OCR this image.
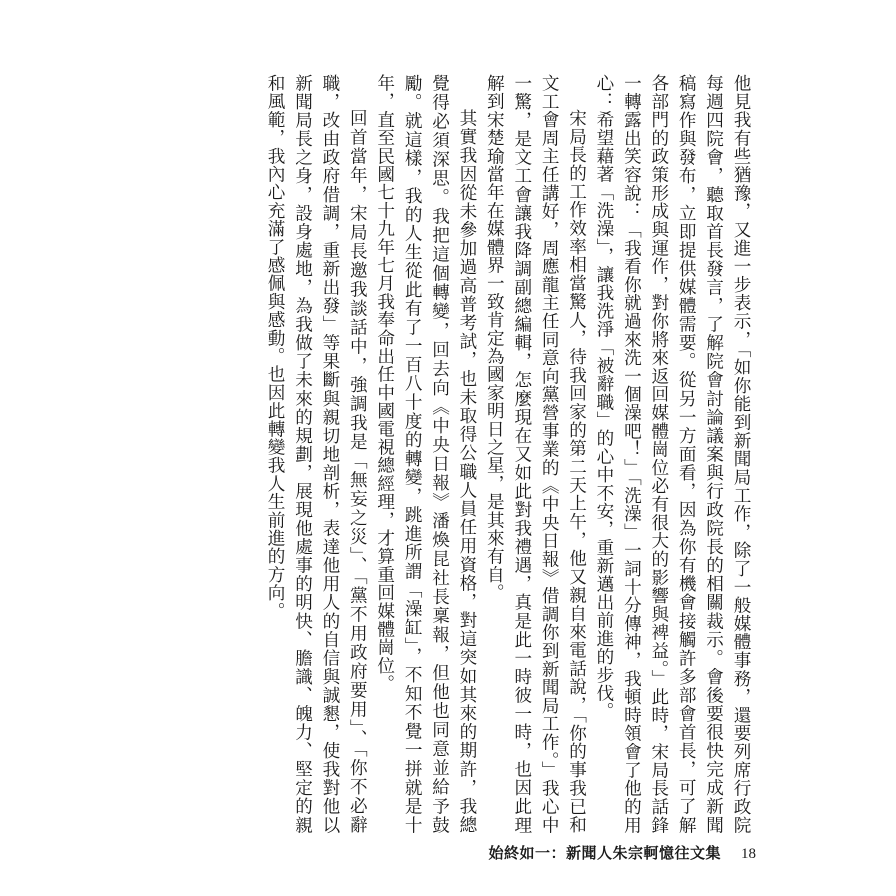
他見我有些猶豫，又進一步表示，「如你能到新聞局工作，除了一般媒體事務，還要列席行政院每週四院會，聽取首長發言，了解院會討論議案與行政院長的相關裁示。會後要很快完成新聞稿寫作與發布，立即提供媒體需要。從另一方面看，因為你有機會接觸許多部會首長，可了解各部門的政策形成與運作，對你將來返回媒體崗位必有很大的影響與裨益。」此時，宋局長話鋒一轉露出笑容說：「我看你就過來洗一個澡吧！」「洗澡」一詞十分傳神，我頓時領會了他的用心：希望藉著「洗澡」，讓我洗淨「被辭職」的心中不安，重新邁出前進的步伐。

宋局長的工作效率相當驚人，待我回家的第二天上午，他又親自來電話說，「你的事我已和文工會周主任講好，周應龍主任同意向黨營事業的《中央日報》借調你到新聞局工作。」我心中一驚，是文工會讓我降調副總編輯，怎麼現在又如此對我禮遇，真是此一時彼一時，也因此理解到宋楚瑜當年在媒體界一致肯定為國家明日之星，是其來有自。

其實我因從未參加過高普考試，也未取得公職人員任用資格，對這突如其來的期許，我總覺得必須深思。我把這個轉變，回去向《中央日報》潘煥昆社長稟報，但他也同意並給予鼓勵。就這樣，我的人生從此有了一百八十度的轉變，跳進所謂「澡缸」，不知不覺一拼就是十年，直至民國七十九年七月我奉命出任中國電視總經理，才算重回媒體崗位。

回首當年，宋局長邀我談話中，強調我是「無妄之災」、「黨不用政府要用」、「你不必辭職，改由政府借調，重新出發」等果斷與親切地剖析，表達他用人的自信與誠懇，使我對他以新聞局長之身，設身處地，為我做了未來的規劃，展現他處事的明快、膽識、魄力、堅定的親和風範，我內心充滿了感佩與感動。也因此轉變我人生前進的方向。

始終如一：新聞人朱宗軻憶往文集 18
